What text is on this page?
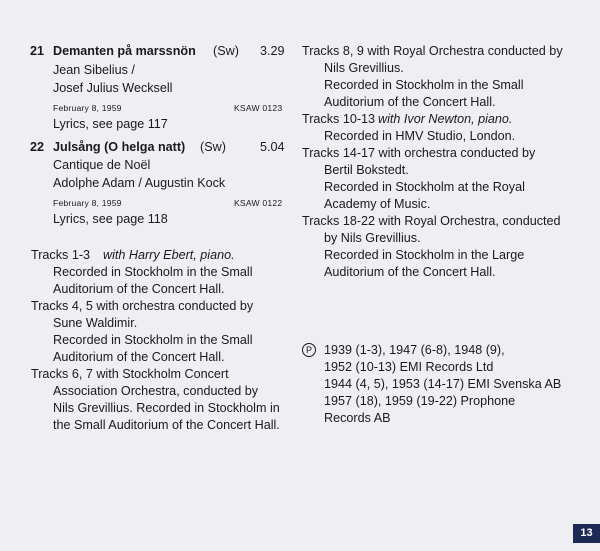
21 Demanten på marssnön (Sw) 3.29
Jean Sibelius /
Josef Julius Wecksell
February 8, 1959	KSAW 0123
Lyrics, see page 117
22 Julsång (O helga natt) (Sw)	5.04
Cantique de Noël
Adolphe Adam / Augustin Kock
February 8, 1959	KSAW 0122
Lyrics, see page 118
Tracks 1-3 with Harry Ebert, piano.
Recorded in Stockholm in the Small
Auditorium of the Concert Hall.
Tracks 4, 5 with orchestra conducted by
Sune Waldimir.
Recorded in Stockholm in the Small
Auditorium of the Concert Hall.
Tracks 6, 7 with Stockholm Concert
Association Orchestra, conducted by
Nils Grevillius. Recorded in Stockholm in
the Small Auditorium of the Concert Hall.
Tracks 8, 9 with Royal Orchestra conducted by
Nils Grevillius.
Recorded in Stockholm in the Small
Auditorium of the Concert Hall.
Tracks 10-13 with Ivor Newton, piano.
Recorded in HMV Studio, London.
Tracks 14-17 with orchestra conducted by
Bertil Bokstedt.
Recorded in Stockholm at the Royal
Academy of Music.
Tracks 18-22 with Royal Orchestra, conducted
by Nils Grevillius.
Recorded in Stockholm in the Large
Auditorium of the Concert Hall.
P 1939 (1-3), 1947 (6-8), 1948 (9),
1952 (10-13) EMI Records Ltd
1944 (4, 5), 1953 (14-17) EMI Svenska AB
1957 (18), 1959 (19-22) Prophone
Records AB
13
